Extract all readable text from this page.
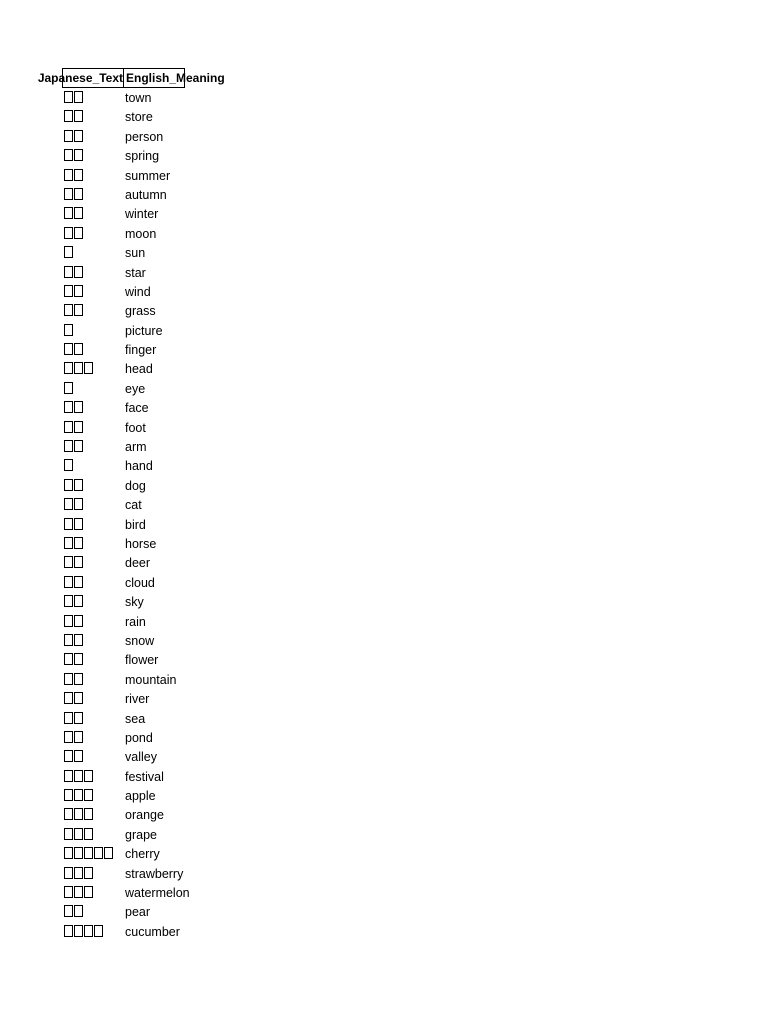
Japanese_Text English_Meaning
town
store
person
spring
summer
autumn
winter
moon
sun
star
wind
grass
picture
finger
head
eye
face
foot
arm
hand
dog
cat
bird
horse
deer
cloud
sky
rain
snow
flower
mountain
river
sea
pond
valley
festival
apple
orange
grape
cherry
strawberry
watermelon
pear
cucumber
